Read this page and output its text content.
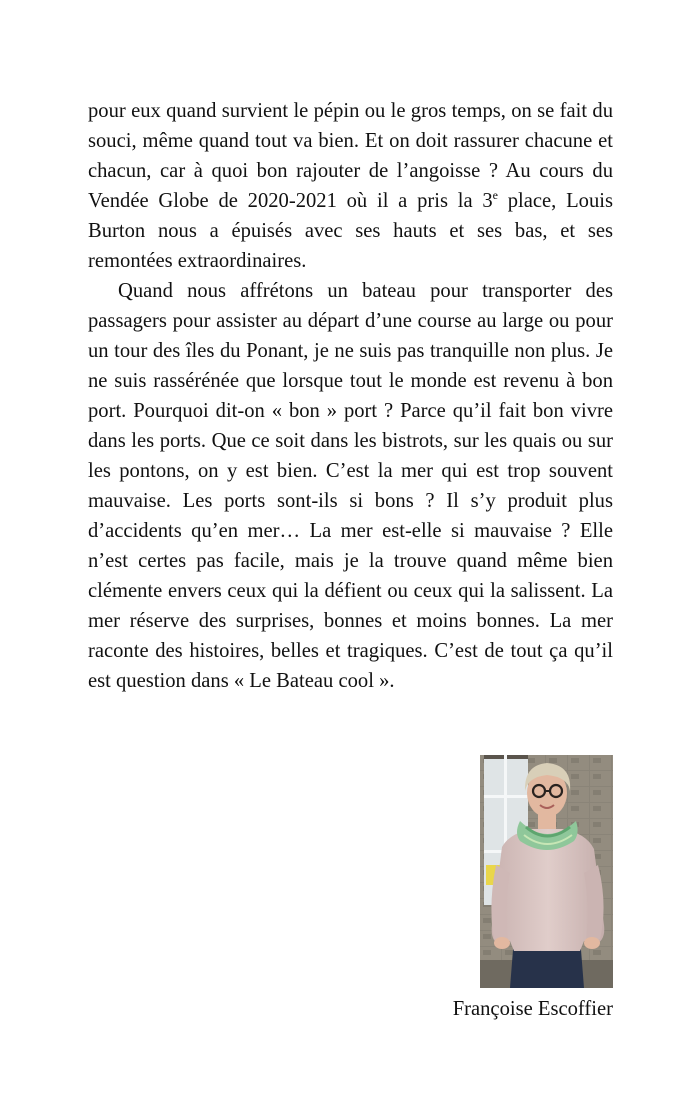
pour eux quand survient le pépin ou le gros temps, on se fait du souci, même quand tout va bien. Et on doit rassurer chacune et chacun, car à quoi bon rajouter de l’angoisse ? Au cours du Vendée Globe de 2020-2021 où il a pris la 3e place, Louis Burton nous a épuisés avec ses hauts et ses bas, et ses remontées extraordinaires.

Quand nous affrétons un bateau pour transporter des passagers pour assister au départ d’une course au large ou pour un tour des îles du Ponant, je ne suis pas tranquille non plus. Je ne suis rassérénée que lorsque tout le monde est revenu à bon port. Pourquoi dit-on « bon » port ? Parce qu’il fait bon vivre dans les ports. Que ce soit dans les bistrots, sur les quais ou sur les pontons, on y est bien. C’est la mer qui est trop souvent mauvaise. Les ports sont-ils si bons ? Il s’y produit plus d’accidents qu’en mer… La mer est-elle si mauvaise ? Elle n’est certes pas facile, mais je la trouve quand même bien clémente envers ceux qui la défient ou ceux qui la salissent. La mer réserve des surprises, bonnes et moins bonnes. La mer raconte des histoires, belles et tragiques. C’est de tout ça qu’il est question dans « Le Bateau cool ».

Françoise Escoffier
